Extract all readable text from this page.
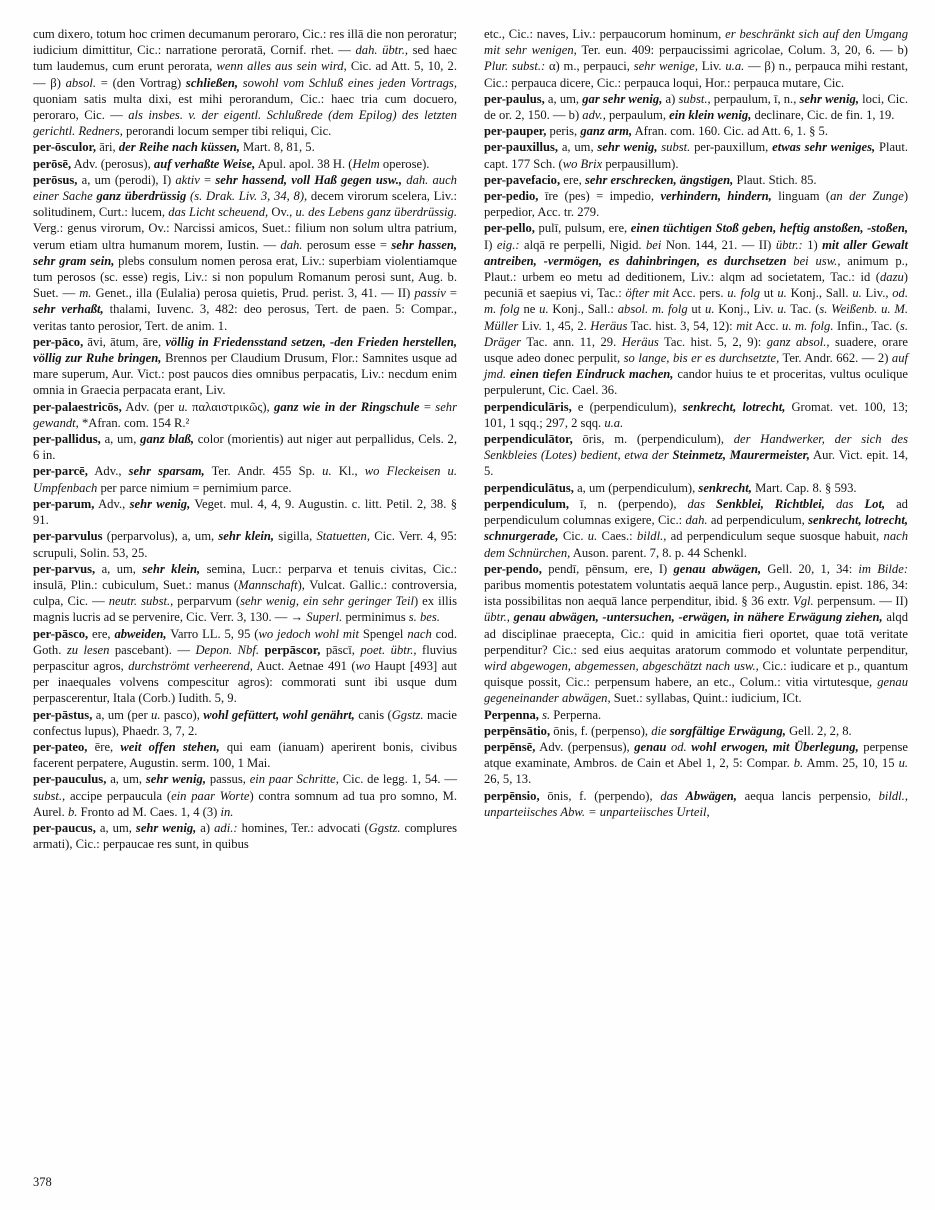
cum dixero, totum hoc crimen decumanum peroraro, Cic.: res illā die non peroratur; iudicium dimittitur, Cic.: narratione peroratā, Cornif. rhet. — dah. übtr., sed haec tum laudemus, cum erunt perorata, wenn alles aus sein wird, Cic. ad Att. 5, 10, 2. — β) absol. = (den Vortrag) schließen, sowohl vom Schluß eines jeden Vortrags, quoniam satis multa dixi, est mihi perorandum, Cic.: haec tria cum docuero, peroraro, Cic. — als insbes. v. der eigentl. Schlußrede (dem Epilog) des letzten gerichtl. Redners, perorandi locum semper tibi reliqui, Cic.

per-ōsculor, āri, der Reihe nach küssen, Mart. 8, 81, 5.

perōsē, Adv. (perosus), auf verhaßte Weise, Apul. apol. 38 H. (Helm operose).

perōsus, a, um (perodi), I) aktiv = sehr hassend, voll Haß gegen usw., dah. auch einer Sache ganz überdrüssig (s. Drak. Liv. 3, 34, 8), decem virorum scelera, Liv.: solitudinem, Curt.: lucem, das Licht scheuend, Ov., u. des Lebens ganz überdrüssig. Verg.: genus virorum, Ov.: Narcissi amicos, Suet.: filium non solum ultra patrium, verum etiam ultra humanum morem, Iustin. — dah. perosum esse = sehr hassen, sehr gram sein, plebs consulum nomen perosa erat, Liv.: superbiam violentiamque tum perosos (sc. esse) regis, Liv.: si non populum Romanum perosi sunt, Aug. b. Suet. — m. Genet., illa (Eulalia) perosa quietis, Prud. perist. 3, 41. — II) passiv = sehr verhaßt, thalami, Iuvenc. 3, 482: deo perosus, Tert. de paen. 5: Compar., veritas tanto perosior, Tert. de anim. 1.

per-pāco, āvi, ātum, āre, völlig in Friedensstand setzen, -den Frieden herstellen, völlig zur Ruhe bringen, Brennos per Claudium Drusum, Flor.: Samnites usque ad mare superum, Aur. Vict.: post paucos dies omnibus perpacatis, Liv.: necdum enim omnia in Graecia perpacata erant, Liv.

per-palaestricōs, Adv. (per u. παλαιστρικῶς), ganz wie in der Ringschule = sehr gewandt, *Afran. com. 154 R.²

per-pallidus, a, um, ganz blaß, color (morientis) aut niger aut perpallidus, Cels. 2, 6 in.

per-parcē, Adv., sehr sparsam, Ter. Andr. 455 Sp. u. Kl., wo Fleckeisen u. Umpfenbach per parce nimium = pernimium parce.

per-parum, Adv., sehr wenig, Veget. mul. 4, 4, 9. Augustin. c. litt. Petil. 2, 38. § 91.

per-parvulus (perparvolus), a, um, sehr klein, sigilla, Statuetten, Cic. Verr. 4, 95: scrupuli, Solin. 53, 25.

per-parvus, a, um, sehr klein, semina, Lucr.: perparva et tenuis civitas, Cic.: insulā, Plin.: cubiculum, Suet.: manus (Mannschaft), Vulcat. Gallic.: controversia, culpa, Cic. — neutr. subst., perparvum (sehr wenig, ein sehr geringer Teil) ex illis magnis lucris ad se pervenire, Cic. Verr. 3, 130. — → Superl. perminimus s. bes.

per-pāsco, ere, abweiden, Varro LL. 5, 95 (wo jedoch wohl mit Spengel nach cod. Goth. zu lesen pascebant). — Depon. Nbf. perpāscor, pāscī, poet. übtr., fluvius perpascitur agros, durchströmt verheerend, Auct. Aetnae 491 (wo Haupt [493] aut per inaequales volvens compescitur agros): commorati sunt ibi usque dum perpascerentur, Itala (Corb.) Iudith. 5, 9.

per-pāstus, a, um (per u. pasco), wohl gefüttert, wohl genährt, canis (Ggstz. macie confectus lupus), Phaedr. 3, 7, 2.

per-pateo, ēre, weit offen stehen, qui eam (ianuam) aperirent bonis, civibus facerent perpatere, Augustin. serm. 100, 1 Mai.

per-pauculus, a, um, sehr wenig, passus, ein paar Schritte, Cic. de legg. 1, 54. — subst., accipe perpaucula (ein paar Worte) contra somnum ad tua pro somno, M. Aurel. b. Fronto ad M. Caes. 1, 4 (3) in.

per-paucus, a, um, sehr wenig, a) adi.: homines, Ter.: advocati (Ggstz. complures armati), Cic.: perpaucae res sunt, in quibus

etc., Cic.: naves, Liv.: perpaucorum hominum, er beschränkt sich auf den Umgang mit sehr wenigen, Ter. eun. 409: perpaucissimi agricolae, Colum. 3, 20, 6. — b) Plur. subst.: α) m., perpauci, sehr wenige, Liv. u.a. — β) n., perpauca mihi restant, Cic.: perpauca dicere, Cic.: perpauca loqui, Hor.: perpauca mutare, Cic.

per-paulus, a, um, gar sehr wenig, a) subst., perpaulum, ī, n., sehr wenig, loci, Cic. de or. 2, 150. — b) adv., perpaulum, ein klein wenig, declinare, Cic. de fin. 1, 19.

per-pauper, peris, ganz arm, Afran. com. 160. Cic. ad Att. 6, 1. § 5.

per-pauxillus, a, um, sehr wenig, subst. per-pauxillum, etwas sehr weniges, Plaut. capt. 177 Sch. (wo Brix perpausillum).

per-pavefacio, ere, sehr erschrecken, ängstigen, Plaut. Stich. 85.

per-pedio, īre (pes) = impedio, verhindern, hindern, linguam (an der Zunge) perpedior, Acc. tr. 279.

per-pello, pulī, pulsum, ere, einen tüchtigen Stoß geben, heftig anstoßen, -stoßen, I) eig.: alqā re perpelli, Nigid. bei Non. 144, 21. — II) übtr.: 1) mit aller Gewalt antreiben, -vermögen, es dahinbringen, es durchsetzen bei usw., animum p., Plaut.: urbem eo metu ad deditionem, Liv.: alqm ad societatem, Tac.: id (dazu) pecuniā et saepius vi, Tac.: öfter mit Acc. pers. u. folg ut u. Konj., Sall. u. Liv., od. m. folg ne u. Konj., Sall.: absol. m. folg ut u. Konj., Liv. u. Tac. (s. Weißenb. u. M. Müller Liv. 1, 45, 2. Heräus Tac. hist. 3, 54, 12): mit Acc. u. m. folg. Infin., Tac. (s. Dräger Tac. ann. 11, 29. Heräus Tac. hist. 5, 2, 9): ganz absol., suadere, orare usque adeo donec perpulit, so lange, bis er es durchsetzte, Ter. Andr. 662. — 2) auf jmd. einen tiefen Eindruck machen, candor huius te et proceritas, vultus oculique perpulerunt, Cic. Cael. 36.

perpendiculāris, e (perpendiculum), senkrecht, lotrecht, Gromat. vet. 100, 13; 101, 1 sqq.; 297, 2 sqq. u.a.

perpendiculātor, ōris, m. (perpendiculum), der Handwerker, der sich des Senkbleies (Lotes) bedient, etwa der Steinmetz, Maurermeister, Aur. Vict. epit. 14, 5.

perpendiculātus, a, um (perpendiculum), senkrecht, Mart. Cap. 8. § 593.

perpendiculum, ī, n. (perpendo), das Senkblei, Richtblei, das Lot, ad perpendiculum columnas exigere, Cic.: dah. ad perpendiculum, senkrecht, lotrecht, schnurgerade, Cic. u. Caes.: bildl., ad perpendiculum seque suosque habuit, nach dem Schnürchen, Auson. parent. 7, 8. p. 44 Schenkl.

per-pendo, pendī, pēnsum, ere, I) genau abwägen, Gell. 20, 1, 34: im Bilde: paribus momentis potestatem voluntatis aequā lance perp., Augustin. epist. 186, 34: ista possibilitas non aequā lance perpenditur, ibid. § 36 extr. Vgl. perpensum. — II) übtr., genau abwägen, -untersuchen, -erwägen, in nähere Erwägung ziehen, alqd ad disciplinae praecepta, Cic.: quid in amicitia fieri oportet, quae totā veritate perpenditur? Cic.: sed eius aequitas aratorum commodo et voluntate perpenditur, wird abgewogen, abgemessen, abgeschätzt nach usw., Cic.: iudicare et p., quantum quisque possit, Cic.: perpensum habere, an etc., Colum.: vitia virtutesque, genau gegeneinander abwägen, Suet.: syllabas, Quint.: iudicium, ICt.

Perpenna, s. Perperna.

perpēnsātio, ōnis, f. (perpenso), die sorgfältige Erwägung, Gell. 2, 2, 8.

perpēnsē, Adv. (perpensus), genau od. wohl erwogen, mit Überlegung, perpense atque examinate, Ambros. de Cain et Abel 1, 2, 5: Compar. b. Amm. 25, 10, 15 u. 26, 5, 13.

perpēnsio, ōnis, f. (perpendo), das Abwägen, aequa lancis perpensio, bildl., unparteiisches Abw. = unparteiisches Urteil,

378
